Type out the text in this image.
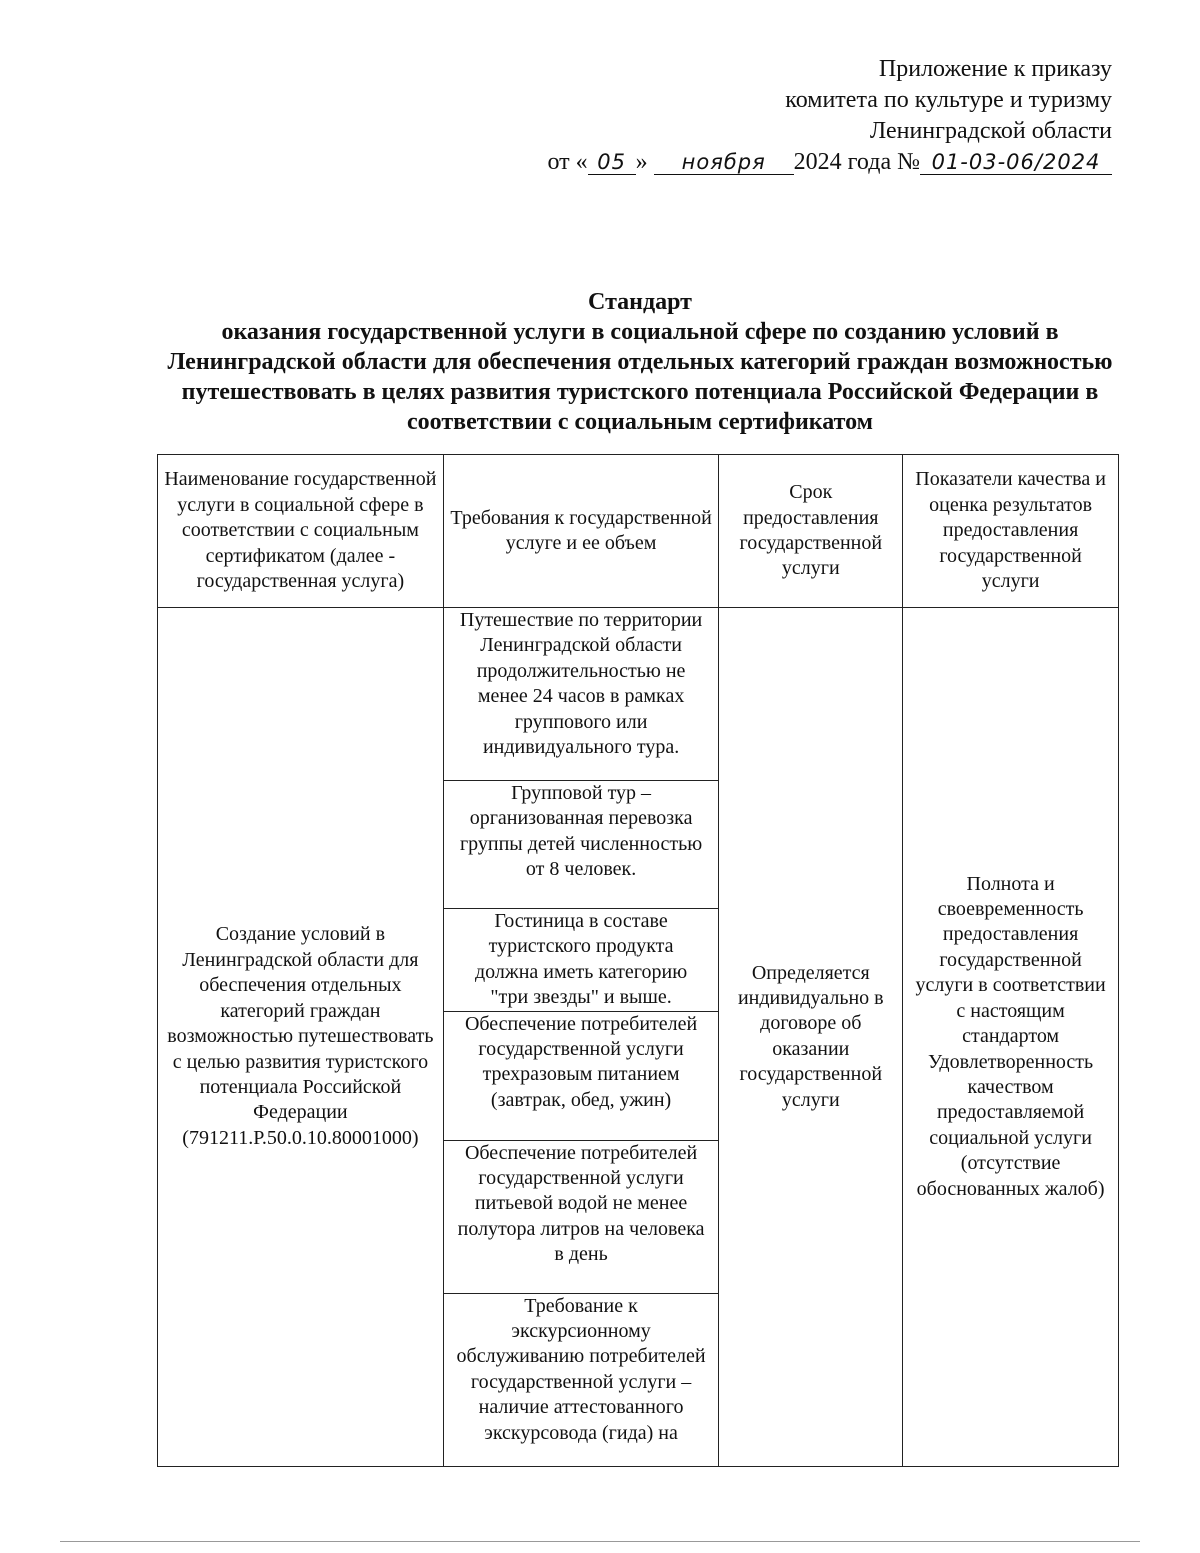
Приложение к приказу
комитета по культуре и туризму
Ленинградской области
от « 05 » ноября 2024 года № 01-03-06/2024
Стандарт
оказания государственной услуги в социальной сфере по созданию условий в Ленинградской области для обеспечения отдельных категорий граждан возможностью путешествовать в целях развития туристского потенциала Российской Федерации в соответствии с социальным сертификатом
Наименование государственной услуги в социальной сфере в соответствии с социальным сертификатом (далее - государственная услуга)	Требования к государственной услуге и ее объем	Срок предоставления государственной услуги	Показатели качества и оценка результатов предоставления государственной услуги
Создание условий в Ленинградской области для обеспечения отдельных категорий граждан возможностью путешествовать с целью развития туристского потенциала Российской Федерации (791211.Р.50.0.10.80001000)	Путешествие по территории Ленинградской области продолжительностью не менее 24 часов в рамках группового или индивидуального тура.	Определяется индивидуально в договоре об оказании государственной услуги	Полнота и своевременность предоставления государственной услуги в соответствии с настоящим стандартом Удовлетворенность качеством предоставляемой социальной услуги (отсутствие обоснованных жалоб)
	Групповой тур – организованная перевозка группы детей численностью от 8 человек.		
	Гостиница в составе туристского продукта должна иметь категорию "три звезды" и выше.		
	Обеспечение потребителей государственной услуги трехразовым питанием (завтрак, обед, ужин)		
	Обеспечение потребителей государственной услуги питьевой водой не менее полутора литров на человека в день		
	Требование к экскурсионному обслуживанию потребителей государственной услуги – наличие аттестованного экскурсовода (гида) на		
